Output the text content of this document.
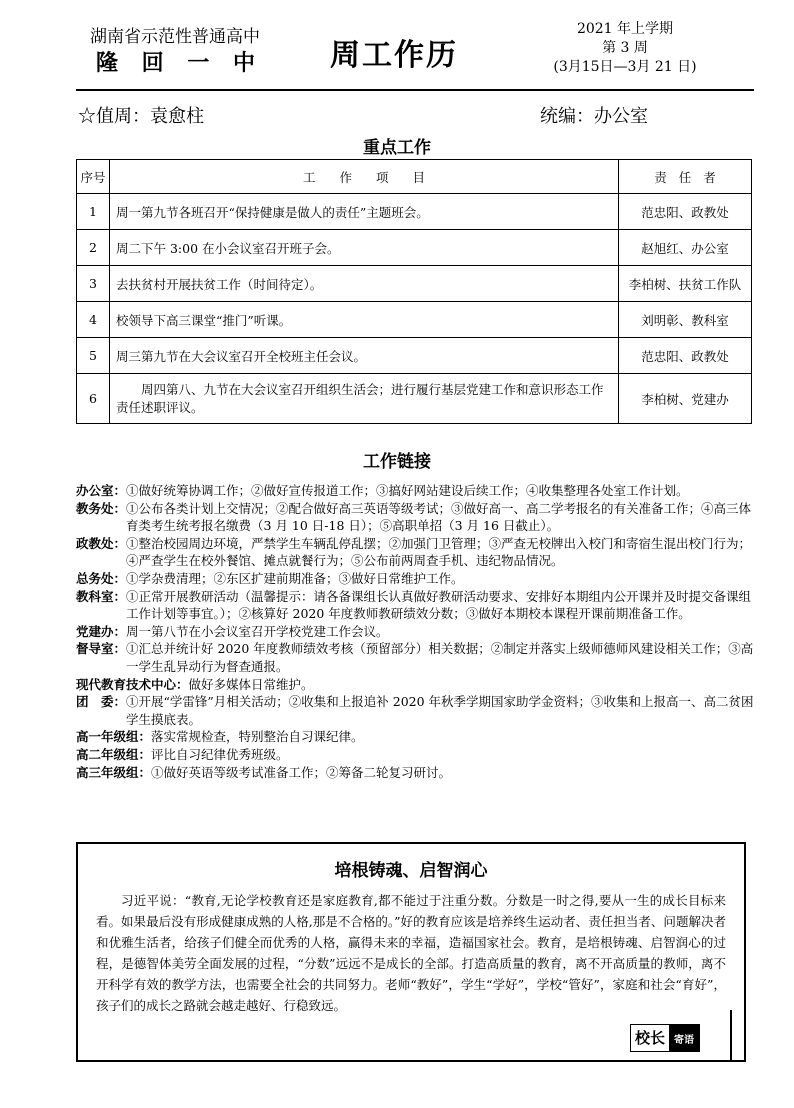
湖南省示范性普通高中
隆 回 一 中 周工作历
2021 年上学期
第 3 周
(3月15日—3月 21 日)
☆值周：袁愈柱	统编：办公室
重点工作
序号	工 作 项 目	责 任 者
1	周一第九节各班召开“保持健康是做人的责任”主题班会。	范忠阳、政教处
2	周二下午 3:00 在小会议室召开班子会。	赵旭红、办公室
3	去扶贫村开展扶贫工作（时间待定）。	李柏树、扶贫工作队
4	校领导下高三课堂“推门”听课。	刘明彰、教科室
5	周三第九节在大会议室召开全校班主任会议。	范忠阳、政教处
6	周四第八、九节在大会议室召开组织生活会；进行履行基层党建工作和意识形态工作责任述职评议。	李柏树、党建办
工作链接
办公室： ①做好统筹协调工作；②做好宣传报道工作；③搞好网站建设后续工作；④收集整理各处室工作计划。
教务处： ①公布各类计划上交情况；②配合做好高三英语等级考试；③做好高一、高二学考报名的有关准备工作；④高三体育类考生统考报名缴费（3 月 10 日-18 日）；⑤高职单招（3 月 16 日截止）。
政教处： ①整治校园周边环境，严禁学生车辆乱停乱摆；②加强门卫管理；③严查无校牌出入校门和寄宿生混出校门行为；④严查学生在校外餐馆、摊点就餐行为；⑤公布前两周查手机、违纪物品情况。
总务处： ①学杂费清理；②东区扩建前期准备；③做好日常维护工作。
教科室： ①正常开展教研活动（温馨提示：请各备课组长认真做好教研活动要求、安排好本期组内公开课并及时提交备课组工作计划等事宜。）；②核算好 2020 年度教师教研绩效分数；③做好本期校本课程开课前期准备工作。
党建办： 周一第八节在小会议室召开学校党建工作会议。
督导室： ①汇总并统计好 2020 年度教师绩效考核（预留部分）相关数据；②制定并落实上级师德师风建设相关工作；③高一学生乱异动行为督查通报。
现代教育技术中心： 做好多媒体日常维护。
团　委： ①开展“学雷锋”月相关活动；②收集和上报追补 2020 年秋季学期国家助学金资料；③收集和上报高一、高二贫困学生摸底表。
高一年级组： 落实常规检查，特别整治自习课纪律。
高二年级组： 评比自习纪律优秀班级。
高三年级组： ①做好英语等级考试准备工作；②筹备二轮复习研讨。
培根铸魂、启智润心
习近平说：“教育,无论学校教育还是家庭教育,都不能过于注重分数。分数是一时之得,要从一生的成长目标来看。如果最后没有形成健康成熟的人格,那是不合格的。”好的教育应该是培养终生运动者、责任担当者、问题解决者和优雅生活者，给孩子们健全而优秀的人格，赢得未来的幸福，造福国家社会。教育，是培根铸魂、启智润心的过程，是德智体美劳全面发展的过程，“分数”远远不是成长的全部。打造高质量的教育，离不开高质量的教师，离不开科学有效的教学方法，也需要全社会的共同努力。老师“教好”，学生“学好”，学校“管好”，家庭和社会“育好”，孩子们的成长之路就会越走越好、行稳致远。
校长 寄语
